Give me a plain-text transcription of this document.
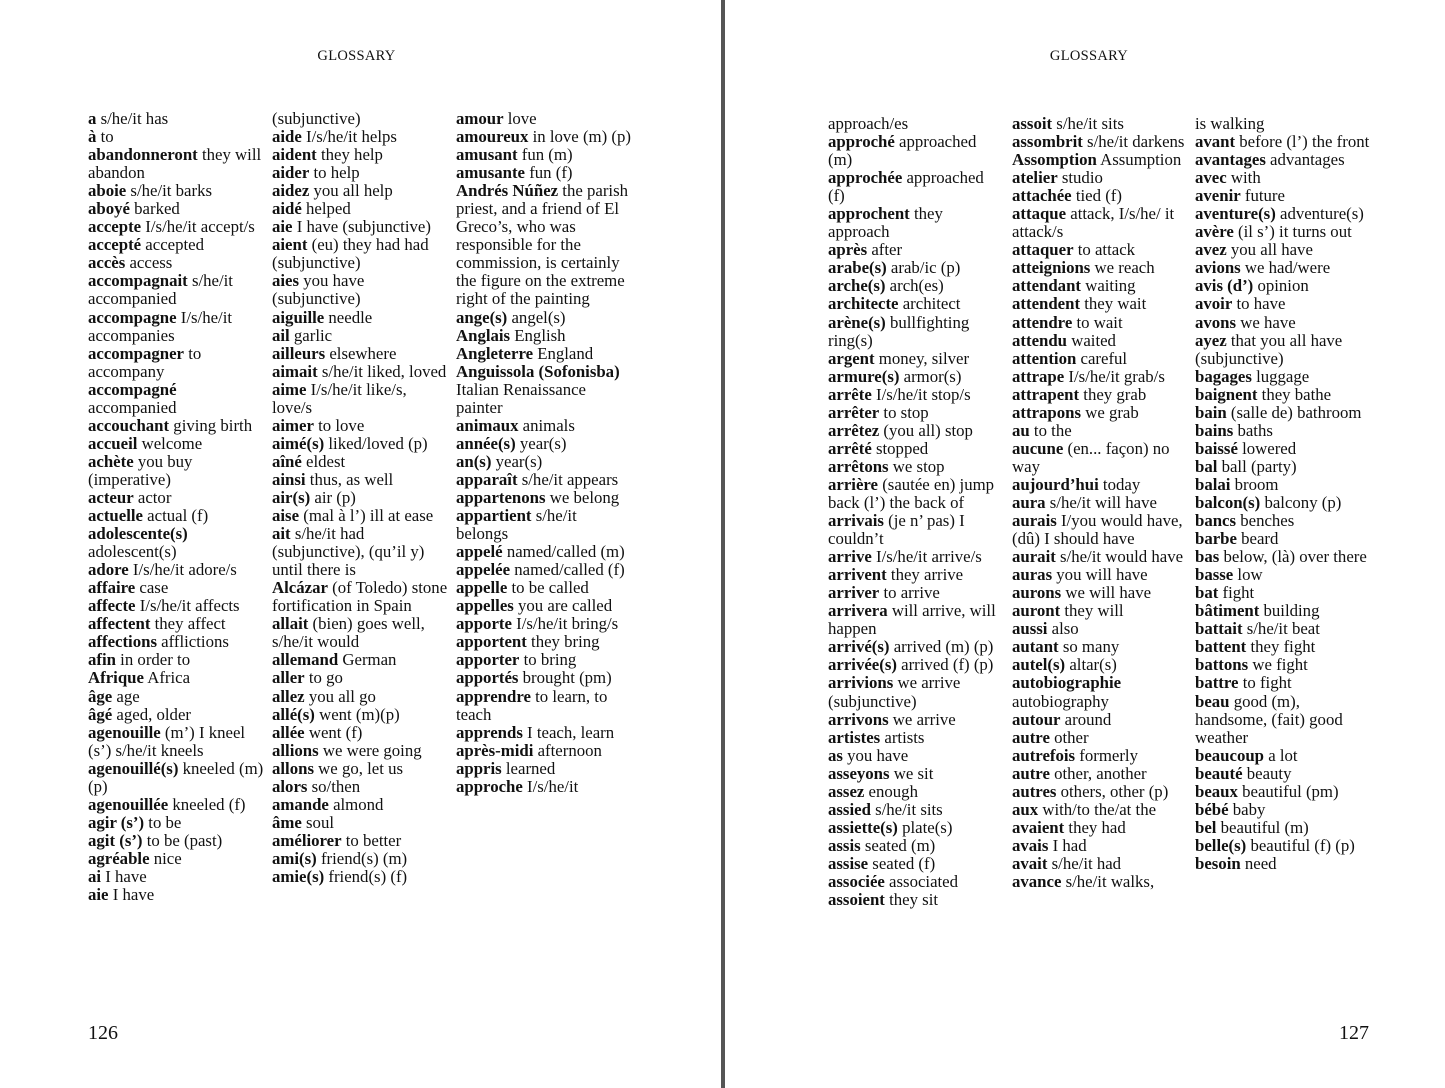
GLOSSARY
a s/he/it has
à to
abandonneront they will abandon
aboie s/he/it barks
aboyé barked
accepte I/s/he/it accept/s
accepté accepted
accès access
accompagnait s/he/it accompanied
accompagne I/s/he/it accompanies
accompagner to accompany
accompagné accompanied
accouchant giving birth
accueil welcome
achète you buy (imperative)
acteur actor
actuelle actual (f)
adolescente(s) adolescent(s)
adore I/s/he/it adore/s
affaire case
affecte I/s/he/it affects
affectent they affect
affections afflictions
afin in order to
Afrique Africa
âge age
âgé aged, older
agenouille (m’) I kneel (s’) s/he/it kneels
agenouillé(s) kneeled (m)(p)
agenouillée kneeled (f)
agir (s’) to be
agit (s’) to be (past)
agréable nice
ai I have
aie I have
(subjunctive)
aide I/s/he/it helps
aident they help
aider to help
aidez you all help
aidé helped
aie I have (subjunctive)
aient (eu) they had had (subjunctive)
aies you have (subjunctive)
aiguille needle
ail garlic
ailleurs elsewhere
aimait s/he/it liked, loved
aime I/s/he/it like/s, love/s
aimer to love
aimé(s) liked/loved (p)
aîné eldest
ainsi thus, as well
air(s) air (p)
aise (mal à l’) ill at ease
ait s/he/it had (subjunctive), (qu’il y) until there is
Alcázar (of Toledo) stone fortification in Spain
allait (bien) goes well, s/he/it would
allemand German
aller to go
allez you all go
allé(s) went (m)(p)
allée went (f)
allions we were going
allons we go, let us
alors so/then
amande almond
âme soul
améliorer to better
ami(s) friend(s) (m)
amie(s) friend(s) (f)
amour love
amoureux in love (m) (p)
amusant fun (m)
amusante fun (f)
Andrés Núñez the parish priest, and a friend of El Greco’s, who was responsible for the commission, is certainly the figure on the extreme right of the painting
ange(s) angel(s)
Anglais English
Angleterre England
Anguissola (Sofonisba) Italian Renaissance painter
animaux animals
année(s) year(s)
an(s) year(s)
apparaît s/he/it appears
appartenons we belong
appartient s/he/it belongs
appelé named/called (m)
appelée named/called (f)
appelle to be called
appelles you are called
apporte I/s/he/it bring/s
apportent they bring
apporter to bring
apportés brought (pm)
apprendre to learn, to teach
apprends I teach, learn
après-midi afternoon
appris learned
approche I/s/he/it
126
GLOSSARY
approach/es
approché approached (m)
approchée approached (f)
approchent they approach
après after
arabe(s) arab/ic (p)
arche(s) arch(es)
architecte architect
arène(s) bullfighting ring(s)
argent money, silver
armure(s) armor(s)
arrête I/s/he/it stop/s
arrêter to stop
arrêtez (you all) stop
arrêté stopped
arrêtons we stop
arrière (sautée en) jump back (l’) the back of
arrivais (je n’ pas) I couldn’t
arrive I/s/he/it arrive/s
arrivent they arrive
arriver to arrive
arrivera will arrive, will happen
arrivé(s) arrived (m) (p)
arrivée(s) arrived (f) (p)
arrivions we arrive (subjunctive)
arrivons we arrive
artistes artists
as you have
asseyons we sit
assez enough
assied s/he/it sits
assiette(s) plate(s)
assis seated (m)
assise seated (f)
associée associated
assoient they sit
assoit s/he/it sits
assombrit s/he/it darkens
Assomption Assumption
atelier studio
attachée tied (f)
attaque attack, I/s/he/ it attack/s
attaquer to attack
atteignions we reach
attendant waiting
attendent they wait
attendre to wait
attendu waited
attention careful
attrape I/s/he/it grab/s
attrapent they grab
attrapons we grab
au to the
aucune (en... façon) no way
aujourd’hui today
aura s/he/it will have
aurais I/you would have, (dû) I should have
aurait s/he/it would have
auras you will have
aurons we will have
auront they will
aussi also
autant so many
autel(s) altar(s)
autobiographie autobiography
autour around
autre other
autrefois formerly
autre other, another
autres others, other (p)
aux with/to the/at the
avaient they had
avais I had
avait s/he/it had
avance s/he/it walks,
is walking
avant before (l’) the front
avantages advantages
avec with
avenir future
aventure(s) adventure(s)
avère (il s’) it turns out
avez you all have
avions we had/were
avis (d’) opinion
avoir to have
avons we have
ayez that you all have (subjunctive)
bagages luggage
baignent they bathe
bain (salle de) bathroom
bains baths
baissé lowered
bal ball (party)
balai broom
balcon(s) balcony (p)
bancs benches
barbe beard
bas below, (là) over there
basse low
bat fight
bâtiment building
battait s/he/it beat
battent they fight
battons we fight
battre to fight
beau good (m), handsome, (fait) good weather
beaucoup a lot
beauté beauty
beaux beautiful (pm)
bébé baby
bel beautiful (m)
belle(s) beautiful (f) (p)
besoin need
127
